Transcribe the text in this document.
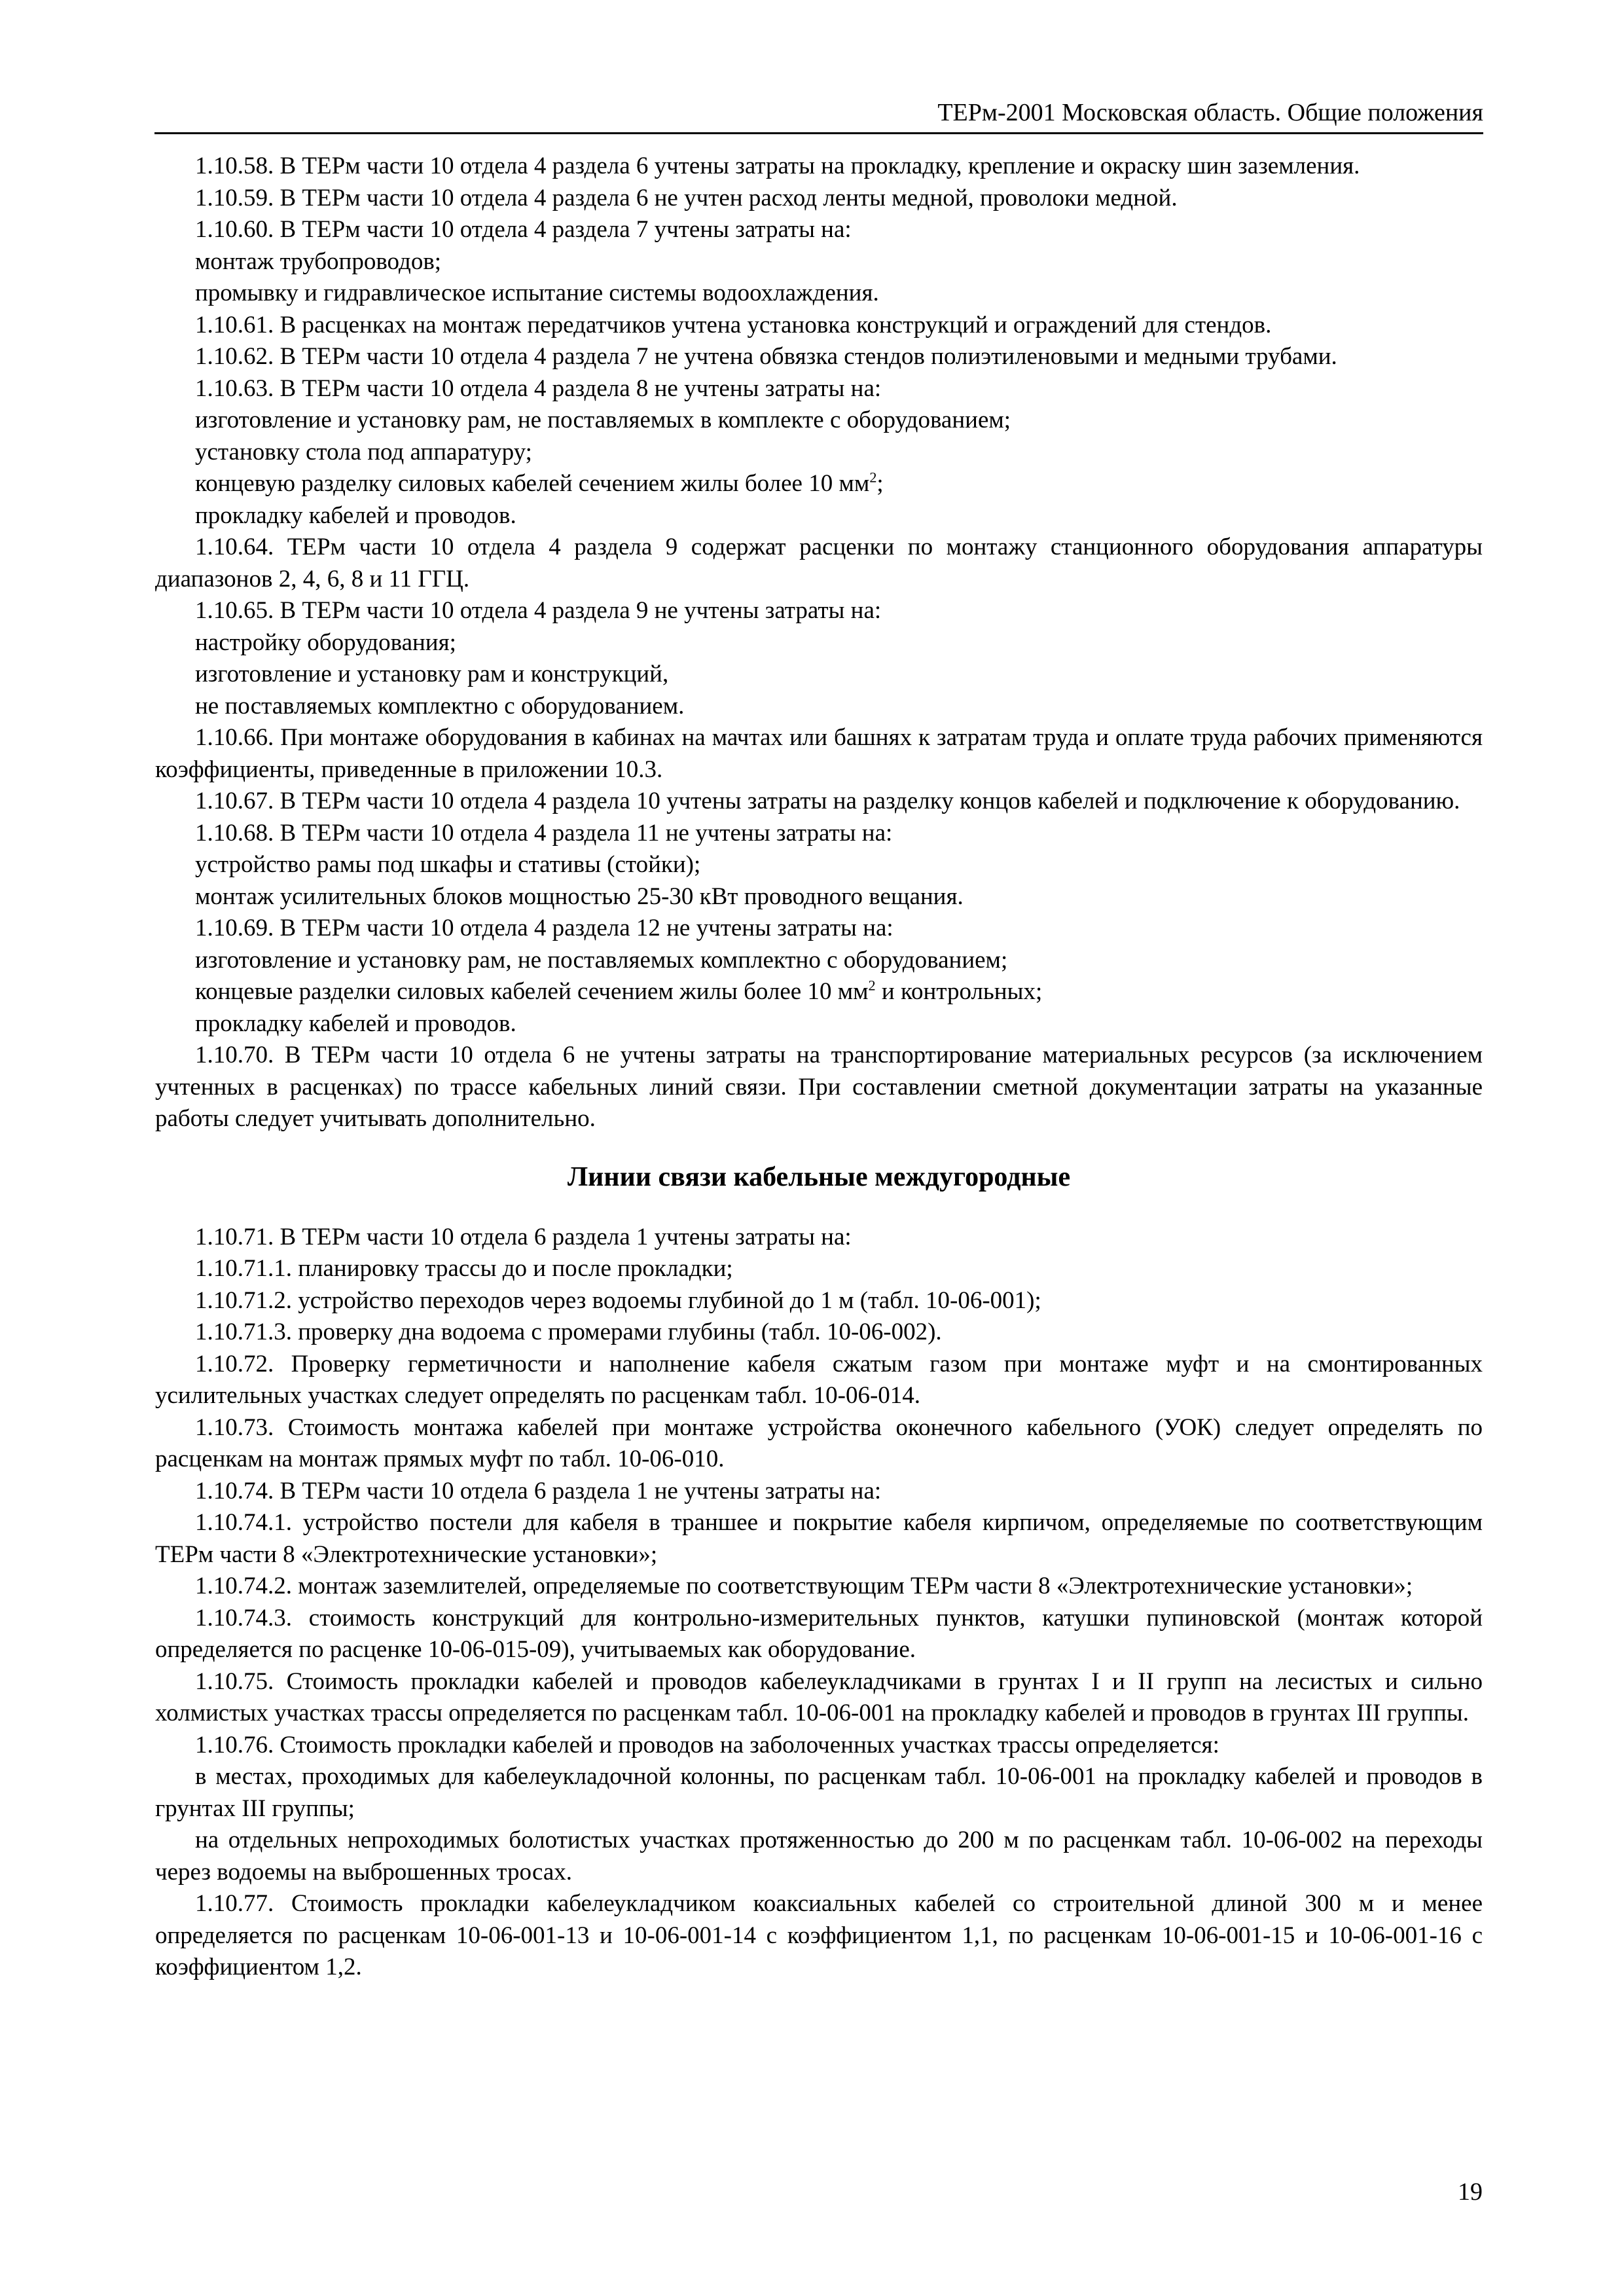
ТЕРм-2001 Московская область. Общие положения

1.10.58. В ТЕРм части 10 отдела 4 раздела 6 учтены затраты на прокладку, крепление и окраску шин заземления.

1.10.59. В ТЕРм части 10 отдела 4 раздела 6 не учтен расход ленты медной, проволоки медной.

1.10.60. В ТЕРм части 10 отдела 4 раздела 7 учтены затраты на:

монтаж трубопроводов;

промывку и гидравлическое испытание системы водоохлаждения.

1.10.61. В расценках на монтаж передатчиков учтена установка конструкций и ограждений для стендов.

1.10.62. В ТЕРм части 10 отдела 4 раздела 7 не учтена обвязка стендов полиэтиленовыми и медными трубами.

1.10.63. В ТЕРм части 10 отдела 4 раздела 8 не учтены затраты на:

изготовление и установку рам, не поставляемых в комплекте с оборудованием;

установку стола под аппаратуру;

концевую разделку силовых кабелей сечением жилы более 10 $мм^2$;

прокладку кабелей и проводов.

1.10.64. ТЕРм части 10 отдела 4 раздела 9 содержат расценки по монтажу станционного оборудования аппаратуры диапазонов 2, 4, 6, 8 и 11 ГГЦ.

1.10.65. В ТЕРм части 10 отдела 4 раздела 9 не учтены затраты на:

настройку оборудования;

изготовление и установку рам и конструкций,

не поставляемых комплектно с оборудованием.

1.10.66. При монтаже оборудования в кабинах на мачтах или башнях к затратам труда и оплате труда рабочих применяются коэффициенты, приведенные в приложении 10.3.

1.10.67. В ТЕРм части 10 отдела 4 раздела 10 учтены затраты на разделку концов кабелей и подключение к оборудованию.

1.10.68. В ТЕРм части 10 отдела 4 раздела 11 не учтены затраты на:

устройство рамы под шкафы и стативы (стойки);

монтаж усилительных блоков мощностью 25-30 кВт проводного вещания.

1.10.69. В ТЕРм части 10 отдела 4 раздела 12 не учтены затраты на:

изготовление и установку рам, не поставляемых комплектно с оборудованием;

концевые разделки силовых кабелей сечением жилы более 10 $мм^2$ и контрольных;

прокладку кабелей и проводов.

1.10.70. В ТЕРм части 10 отдела 6 не учтены затраты на транспортирование материальных ресурсов (за исключением учтенных в расценках) по трассе кабельных линий связи. При составлении сметной документации затраты на указанные работы следует учитывать дополнительно.

Линии связи кабельные междугородные

1.10.71. В ТЕРм части 10 отдела 6 раздела 1 учтены затраты на:

1.10.71.1. планировку трассы до и после прокладки;

1.10.71.2. устройство переходов через водоемы глубиной до 1 м (табл. 10-06-001);

1.10.71.3. проверку дна водоема с промерами глубины (табл. 10-06-002).

1.10.72. Проверку герметичности и наполнение кабеля сжатым газом при монтаже муфт и на смонтированных усилительных участках следует определять по расценкам табл. 10-06-014.

1.10.73. Стоимость монтажа кабелей при монтаже устройства оконечного кабельного (УОК) следует определять по расценкам на монтаж прямых муфт по табл. 10-06-010.

1.10.74. В ТЕРм части 10 отдела 6 раздела 1 не учтены затраты на:

1.10.74.1. устройство постели для кабеля в траншее и покрытие кабеля кирпичом, определяемые по соответствующим ТЕРм части 8 «Электротехнические установки»;

1.10.74.2. монтаж заземлителей, определяемые по соответствующим ТЕРм части 8 «Электротехнические установки»;

1.10.74.3. стоимость конструкций для контрольно-измерительных пунктов, катушки пупиновской (монтаж которой определяется по расценке 10-06-015-09), учитываемых как оборудование.

1.10.75. Стоимость прокладки кабелей и проводов кабелеукладчиками в грунтах I и II групп на лесистых и сильно холмистых участках трассы определяется по расценкам табл. 10-06-001 на прокладку кабелей и проводов в грунтах III группы.

1.10.76. Стоимость прокладки кабелей и проводов на заболоченных участках трассы определяется:

в местах, проходимых для кабелеукладочной колонны, по расценкам табл. 10-06-001 на прокладку кабелей и проводов в грунтах III группы;

на отдельных непроходимых болотистых участках протяженностью до 200 м по расценкам табл. 10-06-002 на переходы через водоемы на выброшенных тросах.

1.10.77. Стоимость прокладки кабелеукладчиком коаксиальных кабелей со строительной длиной 300 м и менее определяется по расценкам 10-06-001-13 и 10-06-001-14 с коэффициентом 1,1, по расценкам 10-06-001-15 и 10-06-001-16 с коэффициентом 1,2.

19
